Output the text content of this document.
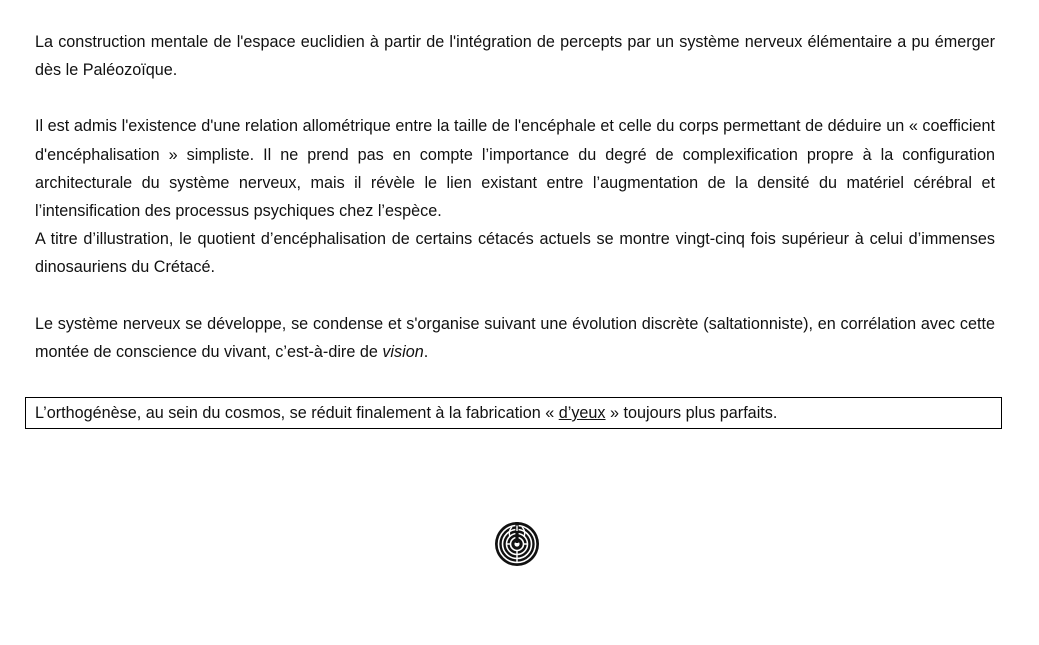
La construction mentale de l'espace euclidien à partir de l'intégration de percepts par un système nerveux élémentaire a pu émerger dès le Paléozoïque.

Il est admis l'existence d'une relation allométrique entre la taille de l'encéphale et celle du corps permettant de déduire un « coefficient d'encéphalisation » simpliste. Il ne prend pas en compte l’importance du degré de complexification propre à la configuration architecturale du système nerveux, mais il révèle le lien existant entre l’augmentation de la densité du matériel cérébral et l’intensification des processus psychiques chez l’espèce.

A titre d’illustration, le quotient d’encéphalisation de certains cétacés actuels se montre vingt-cinq fois supérieur à celui d’immenses dinosauriens du Crétacé.

Le système nerveux se développe, se condense et s'organise suivant une évolution discrète (saltationniste), en corrélation avec cette montée de conscience du vivant, c’est-à-dire de vision.

L’orthogénèse, au sein du cosmos, se réduit finalement à la fabrication « d’yeux » toujours plus parfaits.
